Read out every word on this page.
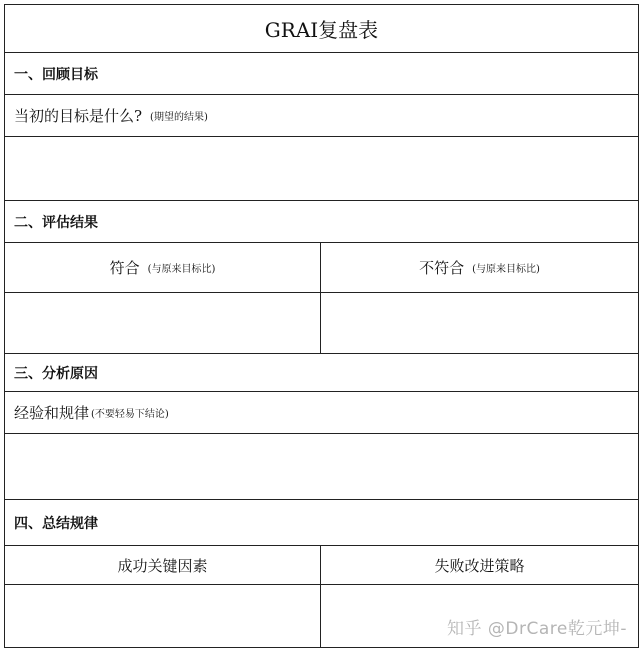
GRAI复盘表
一、回顾目标
当初的目标是什么? (期望的结果)
二、评估结果
符合 (与原来目标比)	不符合 (与原来目标比)
三、分析原因
经验和规律 (不要轻易下结论)
四、总结规律
成功关键因素	失败改进策略
知乎 @DrCare乾元坤-
